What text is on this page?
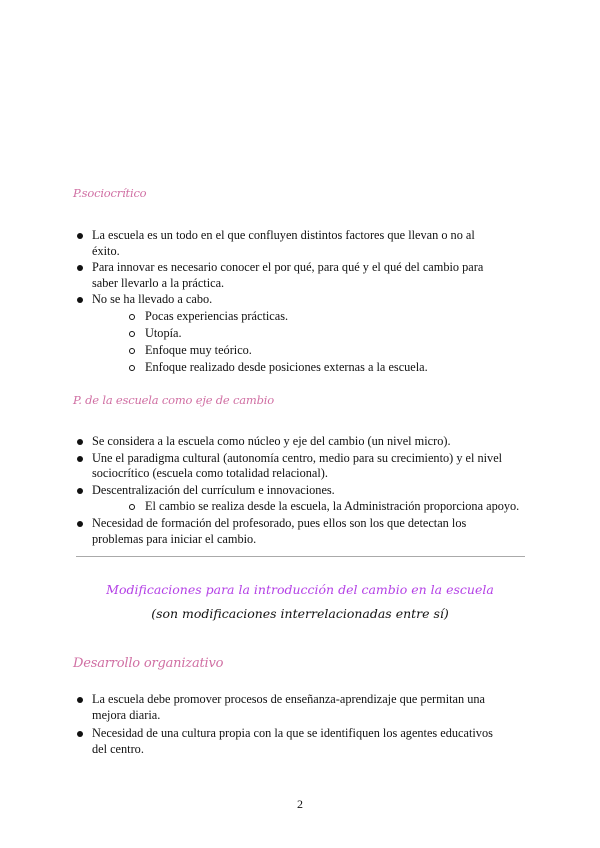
P.sociocrítico
La escuela es un todo en el que confluyen distintos factores que llevan o no al éxito.
Para innovar es necesario conocer el por qué, para qué y el qué del cambio para saber llevarlo a la práctica.
No se ha llevado a cabo.
Pocas experiencias prácticas.
Utopía.
Enfoque muy teórico.
Enfoque realizado desde posiciones externas a la escuela.
P. de la escuela como eje de cambio
Se considera a la escuela como núcleo y eje del cambio (un nivel micro).
Une el paradigma cultural (autonomía centro, medio para su crecimiento) y el nivel sociocrítico (escuela como totalidad relacional).
Descentralización del currículum e innovaciones.
El cambio se realiza desde la escuela, la Administración proporciona apoyo.
Necesidad de formación del profesorado, pues ellos son los que detectan los problemas para iniciar el cambio.
Modificaciones para la introducción del cambio en la escuela
(son modificaciones interrelacionadas entre sí)
Desarrollo organizativo
La escuela debe promover procesos de enseñanza-aprendizaje que permitan una mejora diaria.
Necesidad de una cultura propia con la que se identifiquen los agentes educativos del centro.
2
